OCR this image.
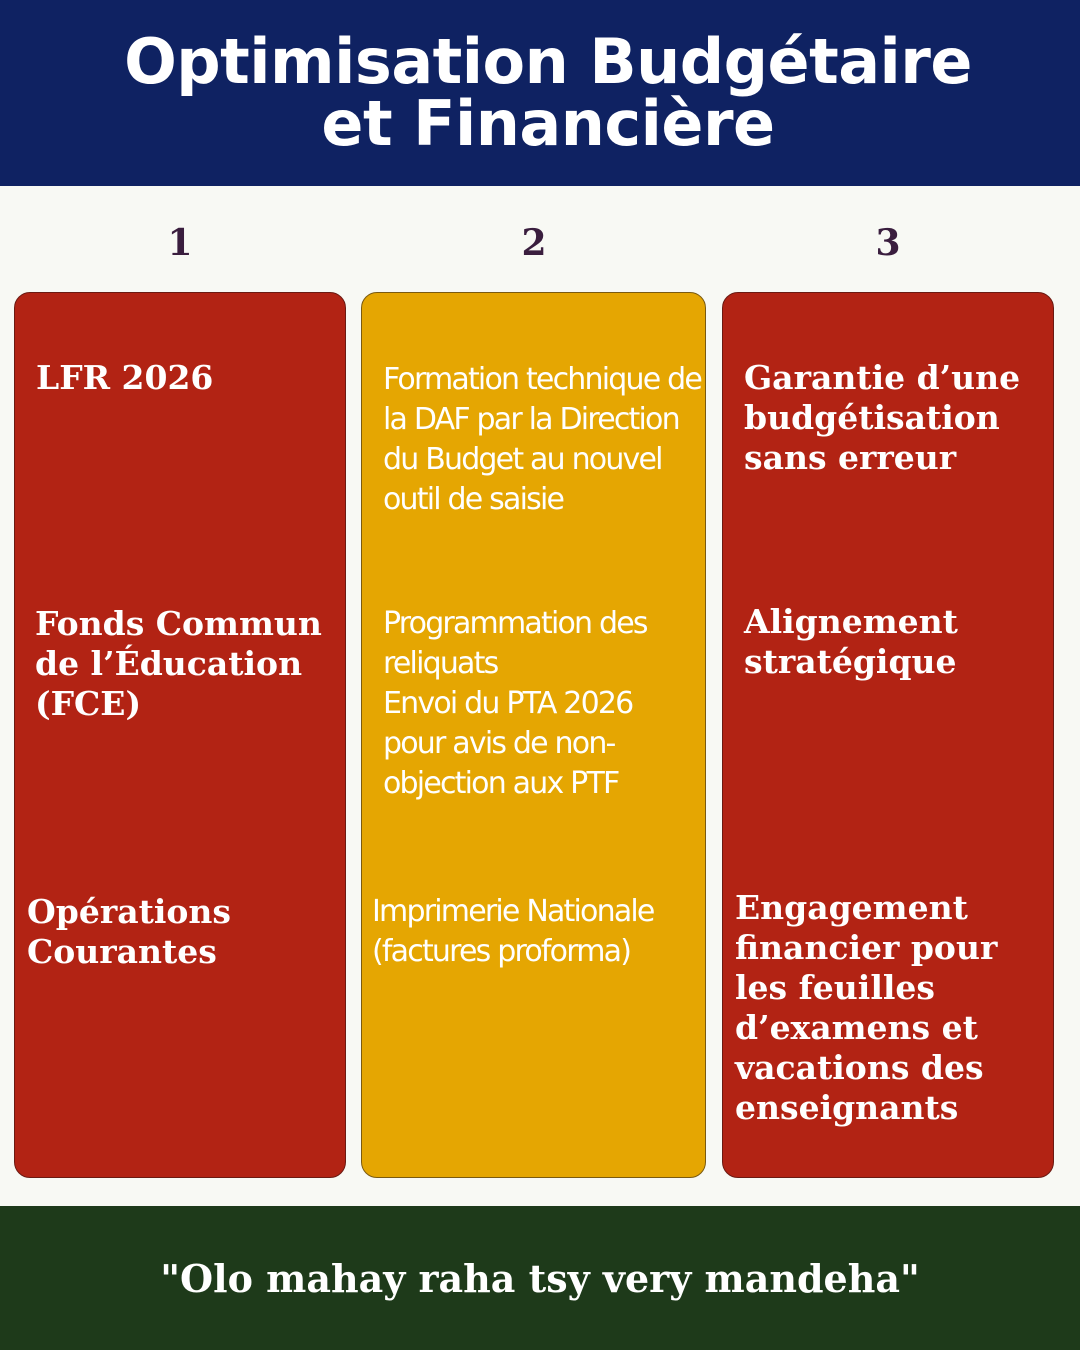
Optimisation Budgétaire
et Financière
1	2	3
LFR 2026
Fonds Commun de l’Éducation (FCE)
Opérations Courantes
Formation technique de la DAF par la Direction du Budget au nouvel outil de saisie
Programmation des reliquats
Envoi du PTA 2026 pour avis de non-objection aux PTF
Imprimerie Nationale (factures proforma)
Garantie d’une budgétisation sans erreur
Alignement stratégique
Engagement financier pour les feuilles d’examens et vacations des enseignants

"Olo mahay raha tsy very mandeha"
